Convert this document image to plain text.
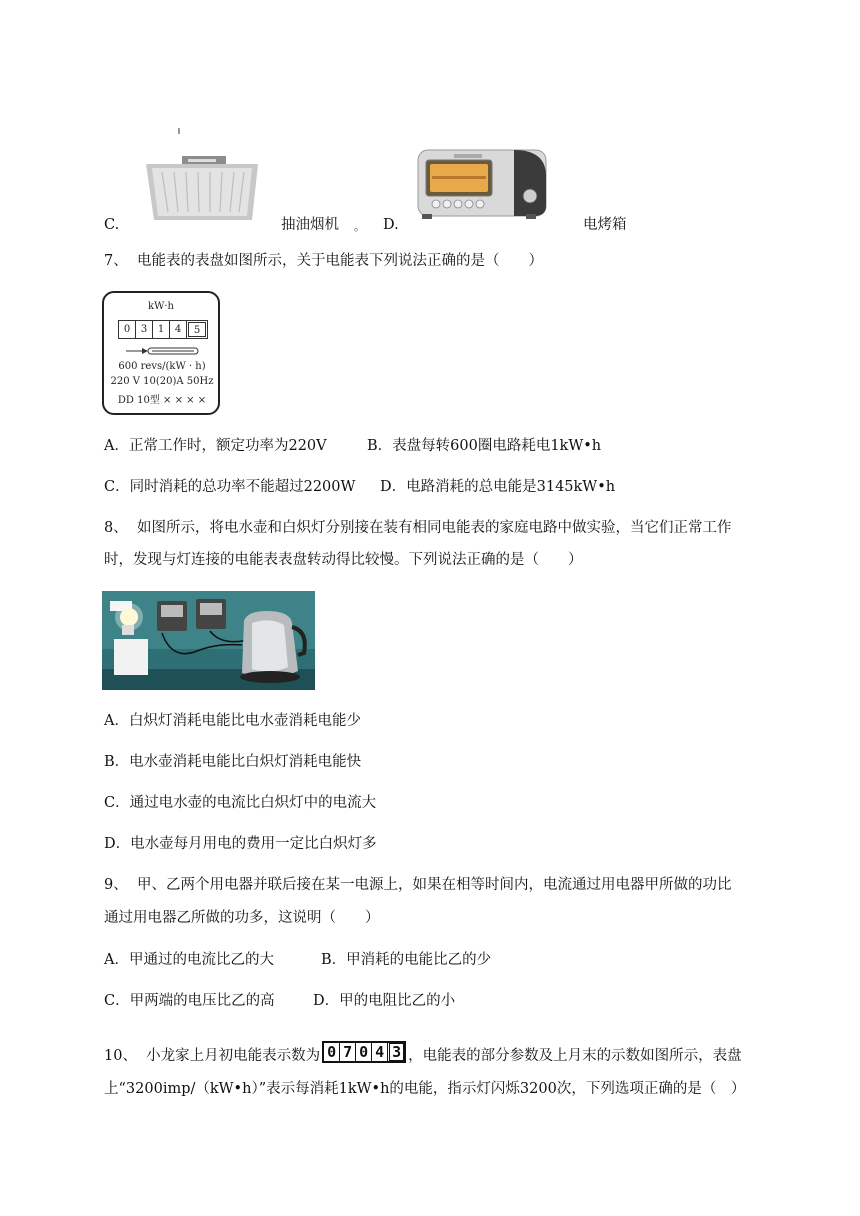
C.	抽油烟机 。 D.	电烤箱
7、 电能表的表盘如图所示，关于电能表下列说法正确的是（　　）
kW·h
0	3	1	4	5
600 revs/(kW · h)
220 V 10(20)A 50Hz
DD 10型 × × × ×
A．正常工作时，额定功率为220V	B．表盘每转600圈电路耗电1kW•h
C．同时消耗的总功率不能超过2200W D．电路消耗的总电能是3145kW•h
8、 如图所示，将电水壶和白炽灯分别接在装有相同电能表的家庭电路中做实验，当它们正常工作
时，发现与灯连接的电能表表盘转动得比较慢。下列说法正确的是（　　）
A．白炽灯消耗电能比电水壶消耗电能少
B．电水壶消耗电能比白炽灯消耗电能快
C．通过电水壶的电流比白炽灯中的电流大
D．电水壶每月用电的费用一定比白炽灯多
9、 甲、乙两个用电器并联后接在某一电源上，如果在相等时间内，电流通过用电器甲所做的功比
通过用电器乙所做的功多，这说明（　　）
A．甲通过的电流比乙的大	B．甲消耗的电能比乙的少
C．甲两端的电压比乙的高	D．甲的电阻比乙的小
10、
小龙家上月初电能表示数为 0 7 0 4 3 ，电能表的部分参数及上月末的示数如图所示，表盘
上“3200imp/（kW•h）”表示每消耗1kW•h的电能，指示灯闪烁3200次，下列选项正确的是（　）
